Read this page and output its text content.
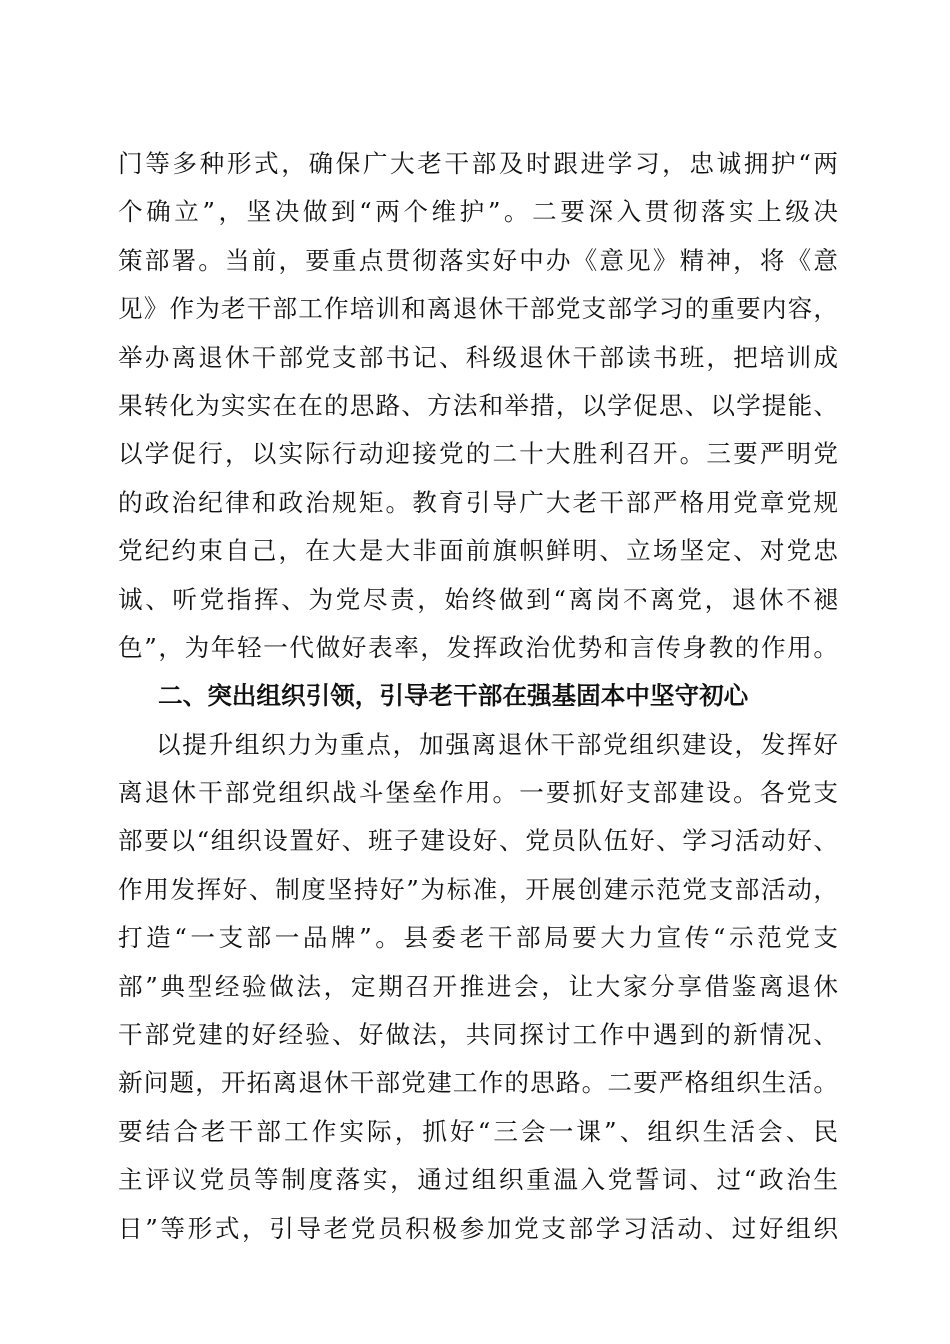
门等多种形式，确保广大老干部及时跟进学习，忠诚拥护“两
个确立”，坚决做到“两个维护”。二要深入贯彻落实上级决
策部署。当前，要重点贯彻落实好中办《意见》精神，将《意
见》作为老干部工作培训和离退休干部党支部学习的重要内容，
举办离退休干部党支部书记、科级退休干部读书班，把培训成
果转化为实实在在的思路、方法和举措，以学促思、以学提能、
以学促行，以实际行动迎接党的二十大胜利召开。三要严明党
的政治纪律和政治规矩。教育引导广大老干部严格用党章党规
党纪约束自己，在大是大非面前旗帜鲜明、立场坚定、对党忠
诚、听党指挥、为党尽责，始终做到“离岗不离党，退休不褪
色”，为年轻一代做好表率，发挥政治优势和言传身教的作用。
二、突出组织引领，引导老干部在强基固本中坚守初心
以提升组织力为重点，加强离退休干部党组织建设，发挥好
离退休干部党组织战斗堡垒作用。一要抓好支部建设。各党支
部要以“组织设置好、班子建设好、党员队伍好、学习活动好、
作用发挥好、制度坚持好”为标准，开展创建示范党支部活动，
打造“一支部一品牌”。县委老干部局要大力宣传“示范党支
部”典型经验做法，定期召开推进会，让大家分享借鉴离退休
干部党建的好经验、好做法，共同探讨工作中遇到的新情况、
新问题，开拓离退休干部党建工作的思路。二要严格组织生活。
要结合老干部工作实际，抓好“三会一课”、组织生活会、民
主评议党员等制度落实，通过组织重温入党誓词、过“政治生
日”等形式，引导老党员积极参加党支部学习活动、过好组织
